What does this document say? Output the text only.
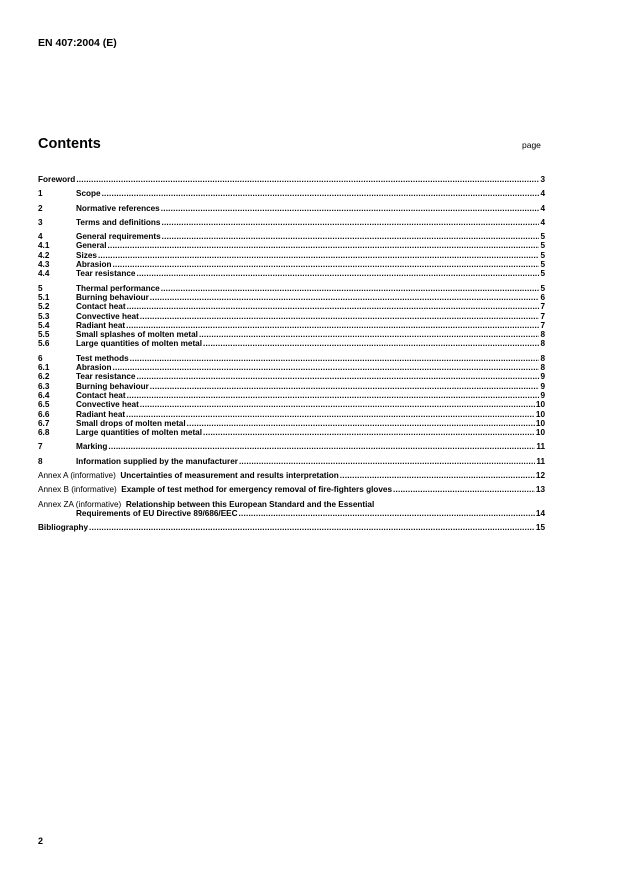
EN 407:2004 (E)
Contents	page
Foreword .....	3
1	Scope .....	4
2	Normative references .....	4
3	Terms and definitions .....	4
4	General requirements .....	5
4.1	General .....	5
4.2	Sizes .....	5
4.3	Abrasion .....	5
4.4	Tear resistance .....	5
5	Thermal performance .....	5
5.1	Burning behaviour .....	6
5.2	Contact heat .....	7
5.3	Convective heat .....	7
5.4	Radiant heat .....	7
5.5	Small splashes of molten metal .....	8
5.6	Large quantities of molten metal .....	8
6	Test methods .....	8
6.1	Abrasion .....	8
6.2	Tear resistance .....	9
6.3	Burning behaviour .....	9
6.4	Contact heat .....	9
6.5	Convective heat .....	10
6.6	Radiant heat .....	10
6.7	Small drops of molten metal .....	10
6.8	Large quantities of molten metal .....	10
7	Marking .....	11
8	Information supplied by the manufacturer .....	11
Annex A (informative) Uncertainties of measurement and results interpretation .....	12
Annex B (informative) Example of test method for emergency removal of fire-fighters gloves .....	13
Annex ZA (informative) Relationship between this European Standard and the Essential
Requirements of EU Directive 89/686/EEC .....	14
Bibliography .....	15
2
